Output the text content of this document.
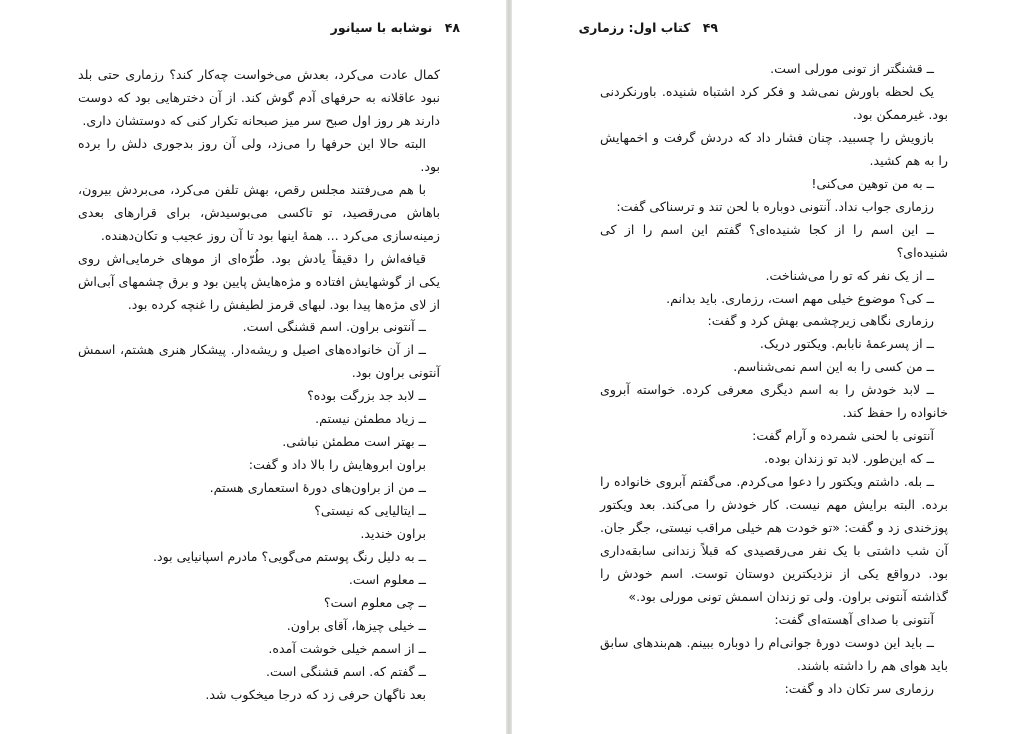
۴۸ نوشابه با سیانور

کمال عادت می‌کرد، بعدش می‌خواست چه‌کار کند؟ رزماری حتی بلد نبود عاقلانه به حرفهای آدم گوش کند. از آن دخترهایی بود که دوست دارند هر روز اول صبح سر میز صبحانه تکرار کنی که دوستشان داری.

البته حالا این حرفها را می‌زد، ولی آن روز بدجوری دلش را برده بود.

با هم می‌رفتند مجلس رقص، بهش تلفن می‌کرد، می‌بردش بیرون، باهاش می‌رقصید، تو تاکسی می‌بوسیدش، برای قرارهای بعدی زمینه‌سازی می‌کرد ... همهٔ اینها بود تا آن روز عجیب و تکان‌دهنده.

قیافه‌اش را دقیقاً یادش بود. طُرّه‌ای از موهای خرمایی‌اش روی یکی از گوشهایش افتاده و مژه‌هایش پایین بود و برق چشمهای آبی‌اش از لای مژه‌ها پیدا بود. لبهای قرمز لطیفش را غنچه کرده بود.

ــ آنتونی براون. اسم قشنگی است.

ــ از آن خانواده‌های اصیل و ریشه‌دار. پیشکار هنری هشتم، اسمش آنتونی براون بود.

ــ لابد جد بزرگت بوده؟

ــ زیاد مطمئن نیستم.

ــ بهتر است مطمئن نباشی.

براون ابروهایش را بالا داد و گفت:

ــ من از براون‌های دورهٔ استعماری هستم.

ــ ایتالیایی که نیستی؟

براون خندید.

ــ به دلیل رنگ پوستم می‌گویی؟ مادرم اسپانیایی بود.

ــ معلوم است.

ــ چی معلوم است؟

ــ خیلی چیزها، آقای براون.

ــ از اسمم خیلی خوشت آمده.

ــ گفتم که. اسم قشنگی است.

بعد ناگهان حرفی زد که درجا میخکوب شد.

۴۹ کتاب اول: رزماری

ــ قشنگتر از تونی مورلی است.

یک لحظه باورش نمی‌شد و فکر کرد اشتباه شنیده. باورنکردنی بود. غیرممکن بود.

بازویش را چسبید. چنان فشار داد که دردش گرفت و اخمهایش را به هم کشید.

ــ به من توهین می‌کنی!

رزماری جواب نداد. آنتونی دوباره با لحن تند و ترسناکی گفت:

ــ این اسم را از کجا شنیده‌ای؟ گفتم این اسم را از کی شنیده‌ای؟

ــ از یک نفر که تو را می‌شناخت.

ــ کی؟ موضوع خیلی مهم است، رزماری. باید بدانم.

رزماری نگاهی زیرچشمی بهش کرد و گفت:

ــ از پسرعمهٔ نابابم. ویکتور دریک.

ــ من کسی را به این اسم نمی‌شناسم.

ــ لابد خودش را به اسم دیگری معرفی کرده. خواسته آبروی خانواده را حفظ کند.

آنتونی با لحنی شمرده و آرام گفت:

ــ که این‌طور. لابد تو زندان بوده.

ــ بله. داشتم ویکتور را دعوا می‌کردم. می‌گفتم آبروی خانواده را برده. البته برایش مهم نیست. کار خودش را می‌کند. بعد ویکتور پوزخندی زد و گفت: «تو خودت هم خیلی مراقب نیستی، جگر جان. آن شب داشتی با یک نفر می‌رقصیدی که قبلاً زندانی سابقه‌داری بود. درواقع یکی از نزدیکترین دوستان توست. اسم خودش را گذاشته آنتونی براون. ولی تو زندان اسمش تونی مورلی بود.»

آنتونی با صدای آهسته‌ای گفت:

ــ باید این دوست دورهٔ جوانی‌ام را دوباره ببینم. هم‌بندهای سابق باید هوای هم را داشته باشند.

رزماری سر تکان داد و گفت:
